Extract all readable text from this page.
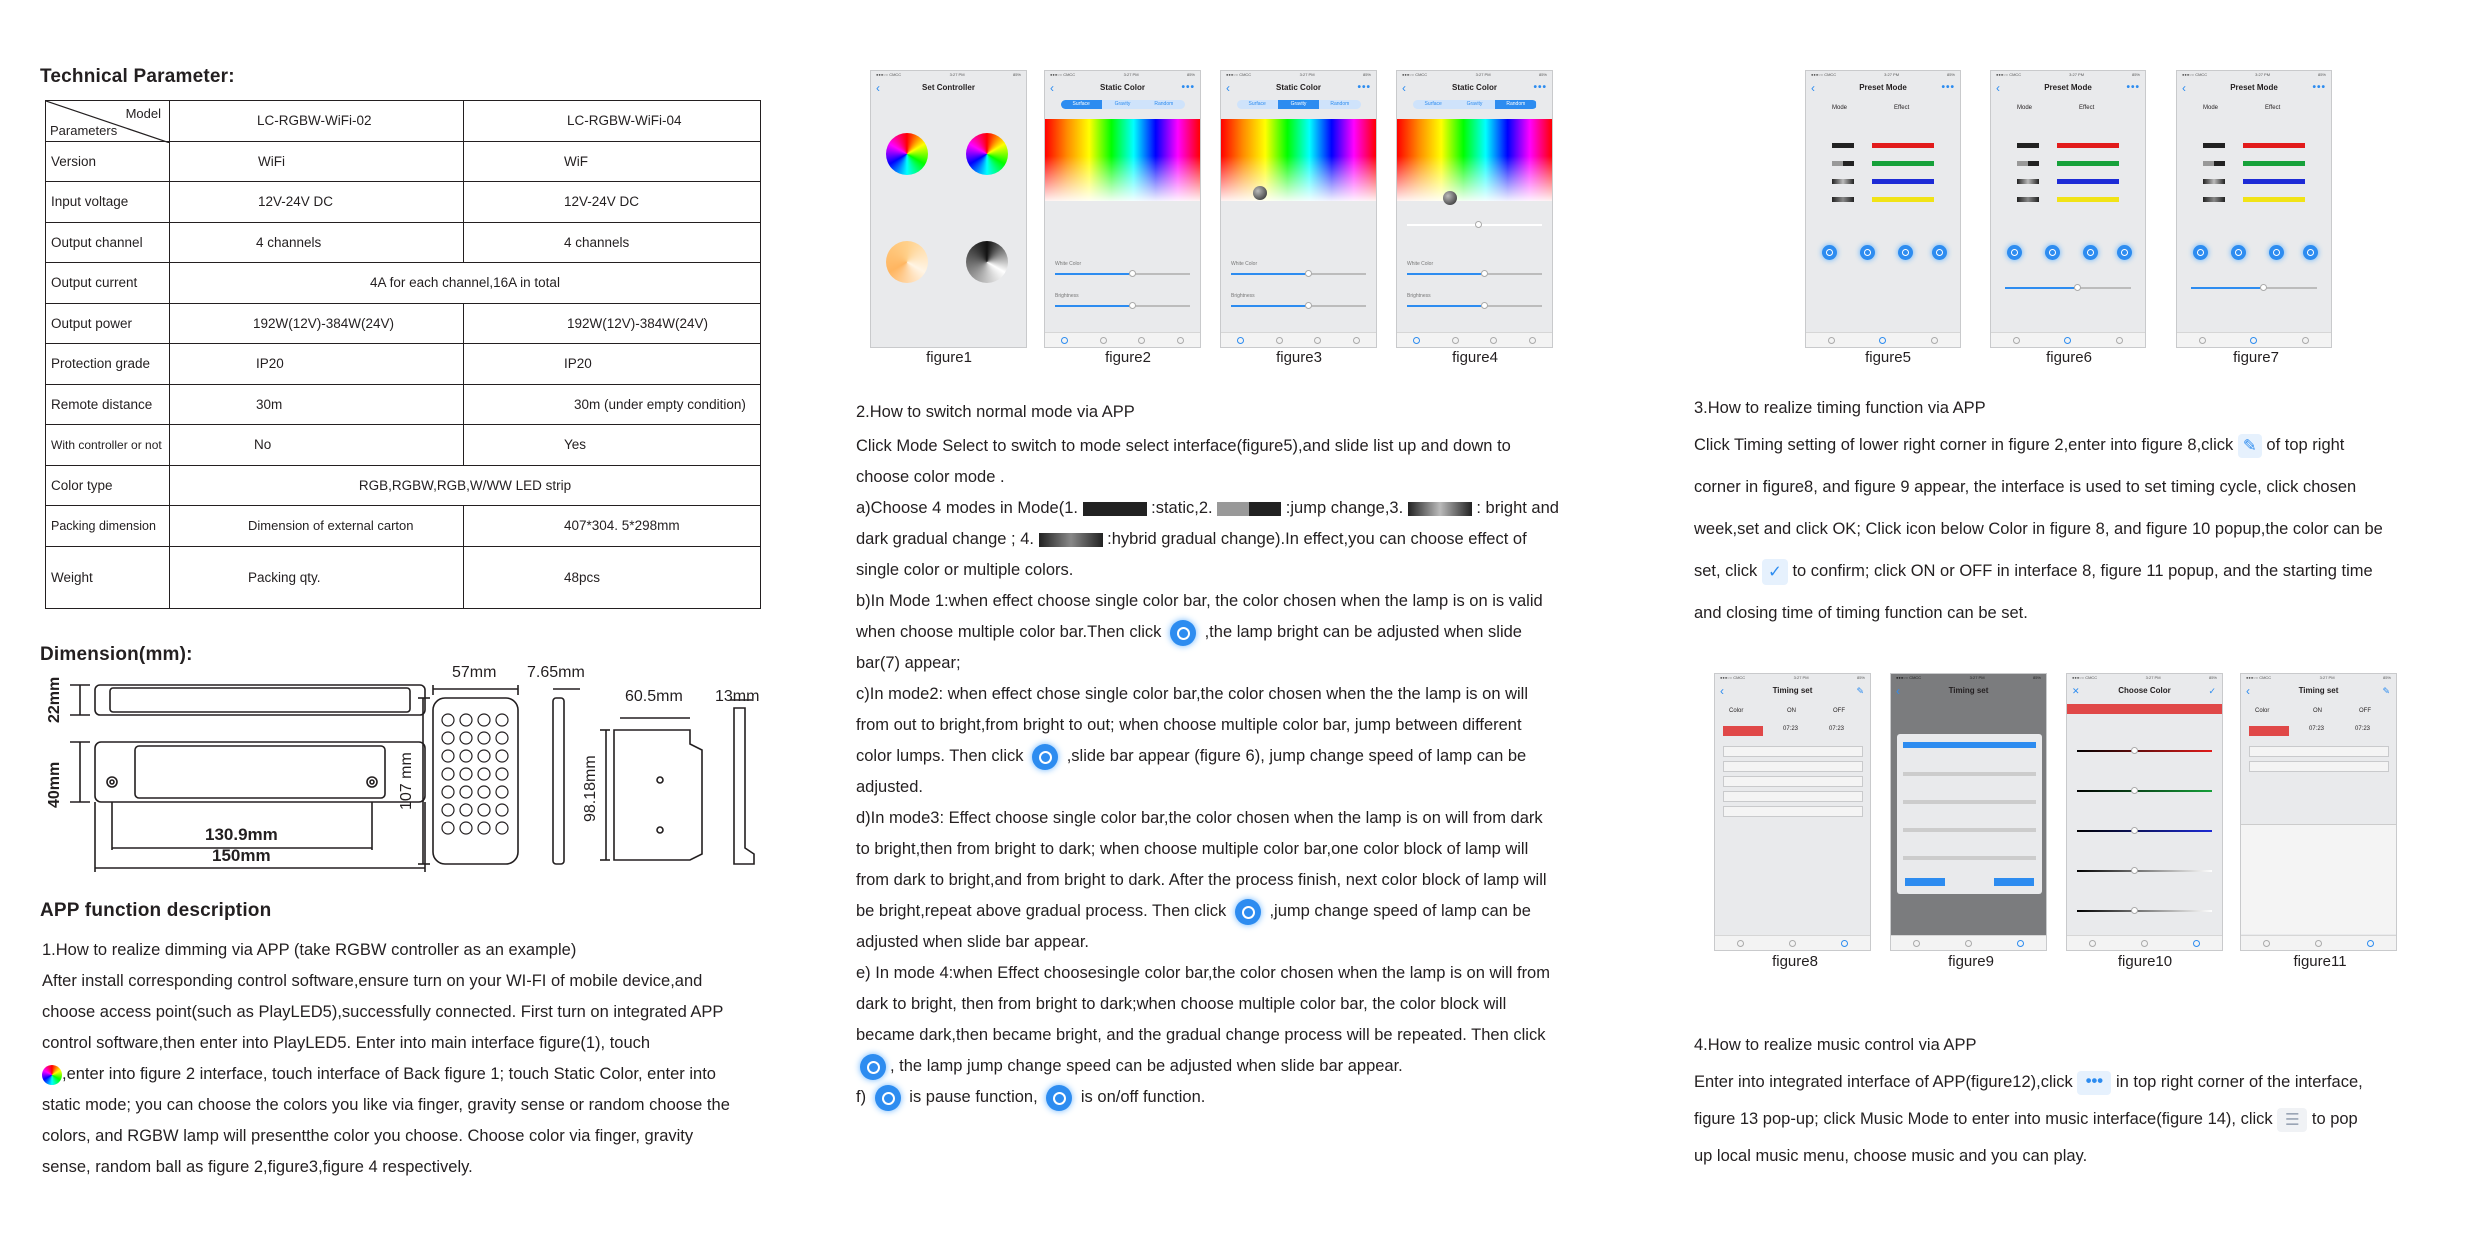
Technical Parameter:
Model
Parameters	LC-RGBW-WiFi-02	LC-RGBW-WiFi-04
Version	WiFi	WiF
Input voltage	12V-24V DC	12V-24V DC
Output channel	4 channels	4 channels
Output current	4A for each channel,16A in total	
Output power	192W(12V)-384W(24V)	192W(12V)-384W(24V)
Protection grade	IP20	IP20
Remote distance	30m	30m (under empty condition)
With controller or not	No	Yes
Color type	RGB,RGBW,RGB,W/WW LED strip	
Packing dimension	Dimension of external carton	407*304. 5*298mm
Weight	Packing qty.	48pcs
Dimension(mm):
22mm
40mm
130.9mm
150mm
57mm
107 mm
7.65mm
60.5mm
98.18mm
13mm
APP function description
1.How to realize dimming via APP (take RGBW controller as an example)
After install corresponding control software,ensure turn on your WI-FI of mobile device,and
choose access point(such as PlayLED5),successfully connected. First turn on integrated APP
control software,then enter into PlayLED5. Enter into main interface figure(1), touch
,enter into figure 2 interface, touch interface of Back figure 1; touch Static Color, enter into
static mode; you can choose the colors you like via finger, gravity sense or random choose the
colors, and RGBW lamp will presentthe color you choose. Choose color via finger, gravity
sense, random ball as figure 2,figure3,figure 4 respectively.
●●●○○ CMCC	3:27 PM	85%
‹	Set Controller
●●●○○ CMCC	3:27 PM	85%
‹	Static Color	•••
Surface	Gravity	Random
White Color
Brightness
●●●○○ CMCC	3:27 PM	85%
‹	Static Color	•••
Surface	Gravity	Random
White Color
Brightness
●●●○○ CMCC	3:27 PM	85%
‹	Static Color	•••
Surface	Gravity	Random
White Color
Brightness
figure1	figure2	figure3	figure4
2.How to switch normal mode via APP
Click Mode Select to switch to mode select interface(figure5),and slide list up and down to
choose color mode .
a)Choose 4 modes in Mode(1.	:static,2.	:jump change,3.	: bright and
dark gradual change ; 4.	:hybrid gradual change).In effect,you can choose effect of
single color or multiple colors.
b)In Mode 1:when effect choose single color bar, the color chosen when the lamp is on is valid
when choose multiple color bar.Then click	,the lamp bright can be adjusted when slide
bar(7) appear;
c)In mode2: when effect chose single color bar,the color chosen when the the lamp is on will
from out to bright,from bright to out; when choose multiple color bar, jump between different
color lumps. Then click	,slide bar appear (figure 6), jump change speed of lamp can be
adjusted.
d)In mode3: Effect choose single color bar,the color chosen when the lamp is on will from dark
to bright,then from bright to dark; when choose multiple color bar,one color block of lamp will
from dark to bright,and from bright to dark. After the process finish, next color block of lamp will
be bright,repeat above gradual process. Then click	,jump change speed of lamp can be
adjusted when slide bar appear.
e) In mode 4:when Effect choosesingle color bar,the color chosen when the lamp is on will from
dark to bright, then from bright to dark;when choose multiple color bar, the color block will
became dark,then became bright, and the gradual change process will be repeated. Then click
, the lamp jump change speed can be adjusted when slide bar appear.
f)	is pause function,	is on/off function.
●●●○○ CMCC	3:27 PM	85%
‹	Preset Mode	•••
Mode	Effect
●●●○○ CMCC	3:27 PM	85%
‹	Preset Mode	•••
Mode	Effect
●●●○○ CMCC	3:27 PM	85%
‹	Preset Mode	•••
Mode	Effect
figure5	figure6	figure7
3.How to realize timing function via APP
Click Timing setting of lower right corner in figure 2,enter into figure 8,click ✎ of top right
corner in figure8, and figure 9 appear, the interface is used to set timing cycle, click chosen
week,set and click OK; Click icon below Color in figure 8, and figure 10 popup,the color can be
set, click ✓ to confirm; click ON or OFF in interface 8, figure 11 popup, and the starting time
and closing time of timing function can be set.
●●●○○ CMCC	3:27 PM	85%
‹	Timing set	✎
Color	ON	OFF
07:23	07:23
●●●○○ CMCC	3:27 PM	85%
‹	Timing set
●●●○○ CMCC	3:27 PM	85%
✕	Choose Color	✓
●●●○○ CMCC	3:27 PM	85%
‹	Timing set	✎
Color	ON	OFF
07:23	07:23
figure8	figure9	figure10	figure11
4.How to realize music control via APP
Enter into integrated interface of APP(figure12),click ••• in top right corner of the interface,
figure 13 pop-up; click Music Mode to enter into music interface(figure 14), click ☰ to pop
up local music menu, choose music and you can play.
